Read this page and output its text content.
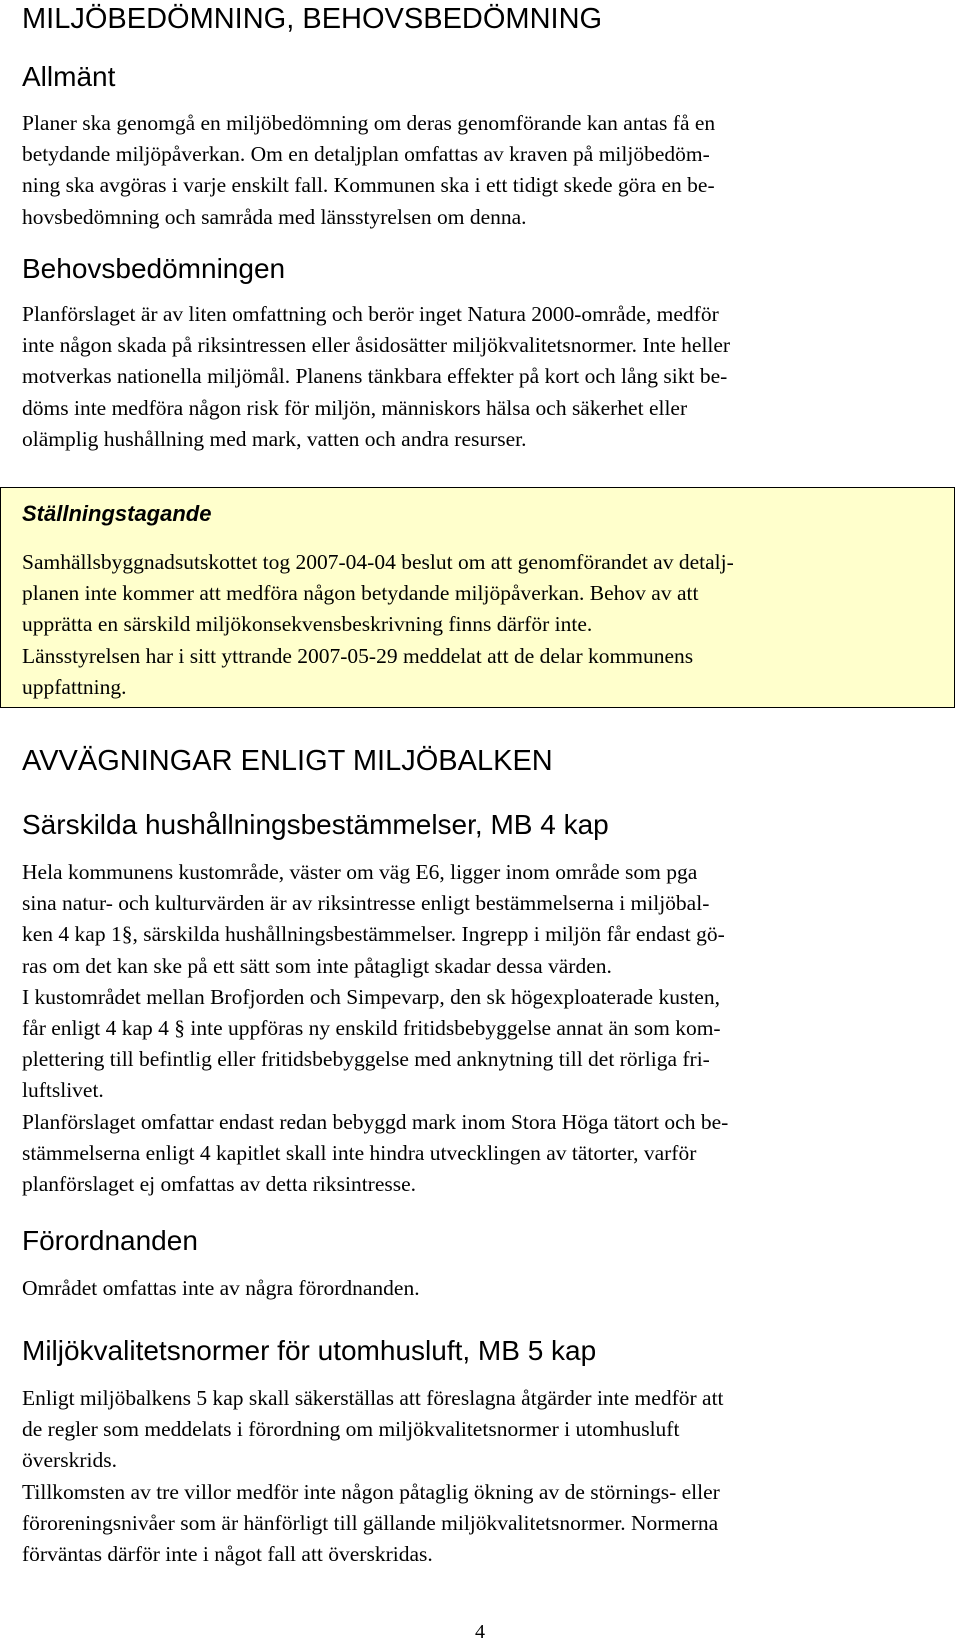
MILJÖBEDÖMNING, BEHOVSBEDÖMNING
Allmänt
Planer ska genomgå en miljöbedömning om deras genomförande kan antas få en
betydande miljöpåverkan. Om en detaljplan omfattas av kraven på miljöbedöm-
ning ska avgöras i varje enskilt fall. Kommunen ska i ett tidigt skede göra en be-
hovsbedömning och samråda med länsstyrelsen om denna.
Behovsbedömningen
Planförslaget är av liten omfattning och berör inget Natura 2000-område, medför
inte någon skada på riksintressen eller åsidosätter miljökvalitetsnormer. Inte heller
motverkas nationella miljömål. Planens tänkbara effekter på kort och lång sikt be-
döms inte medföra någon risk för miljön, människors hälsa och säkerhet eller
olämplig hushållning med mark, vatten och andra resurser.
Ställningstagande
Samhällsbyggnadsutskottet tog 2007-04-04 beslut om att genomförandet av detalj-
planen inte kommer att medföra någon betydande miljöpåverkan. Behov av att
upprätta en särskild miljökonsekvensbeskrivning finns därför inte.
Länsstyrelsen har i sitt yttrande 2007-05-29 meddelat att de delar kommunens
uppfattning.
AVVÄGNINGAR ENLIGT MILJÖBALKEN
Särskilda hushållningsbestämmelser, MB 4 kap
Hela kommunens kustområde, väster om väg E6, ligger inom område som pga
sina natur- och kulturvärden är av riksintresse enligt bestämmelserna i miljöbal-
ken 4 kap 1§, särskilda hushållningsbestämmelser. Ingrepp i miljön får endast gö-
ras om det kan ske på ett sätt som inte påtagligt skadar dessa värden.
I kustområdet mellan Brofjorden och Simpevarp, den sk högexploaterade kusten,
får enligt 4 kap 4 § inte uppföras ny enskild fritidsbebyggelse annat än som kom-
plettering till befintlig eller fritidsbebyggelse med anknytning till det rörliga fri-
luftslivet.
Planförslaget omfattar endast redan bebyggd mark inom Stora Höga tätort och be-
stämmelserna enligt 4 kapitlet skall inte hindra utvecklingen av tätorter, varför
planförslaget ej omfattas av detta riksintresse.
Förordnanden
Området omfattas inte av några förordnanden.
Miljökvalitetsnormer för utomhusluft, MB 5 kap
Enligt miljöbalkens 5 kap skall säkerställas att föreslagna åtgärder inte medför att
de regler som meddelats i förordning om miljökvalitetsnormer i utomhusluft
överskrids.
Tillkomsten av tre villor medför inte någon påtaglig ökning av de störnings- eller
föroreningsnivåer som är hänförligt till gällande miljökvalitetsnormer. Normerna
förväntas därför inte i något fall att överskridas.
4
